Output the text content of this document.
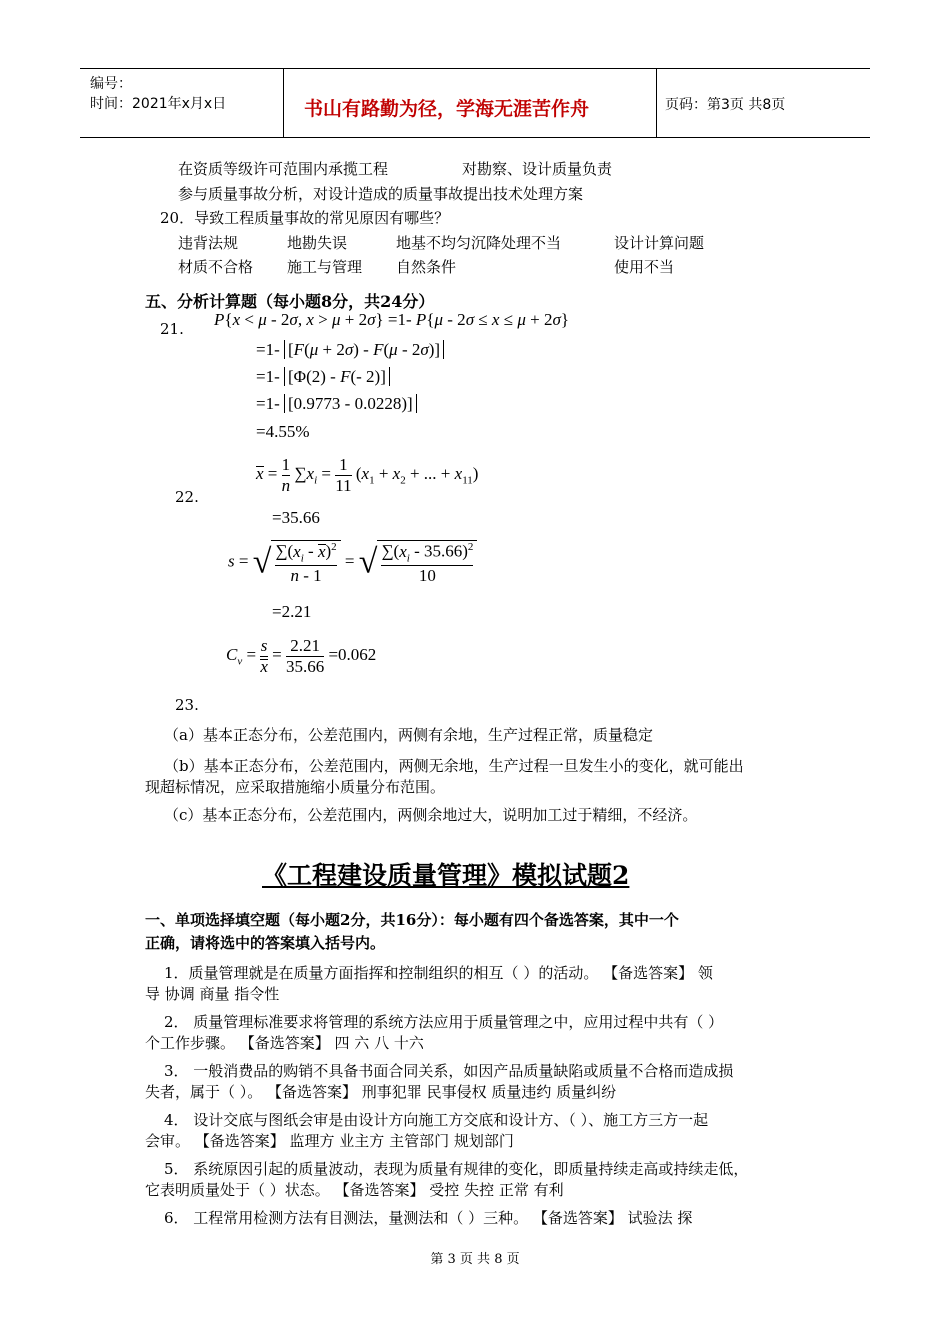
编号：
时间：2021年x月x日	书山有路勤为径，学海无涯苦作舟	页码：第3页 共8页
在资质等级许可范围内承揽工程	对勘察、设计质量负责
参与质量事故分析，对设计造成的质量事故提出技术处理方案
20．导致工程质量事故的常见原因有哪些？
违背法规	地勘失误	地基不均匀沉降处理不当	设计计算问题
材质不合格 施工与管理 自然条件	使用不当
五、分析计算题（每小题8分，共24分）
21. P{x < μ - 2σ, x > μ + 2σ} =1- P{μ - 2σ ≤ x ≤ μ + 2σ}
=1- [F(μ + 2σ) - F(μ - 2σ)]
=1- [Φ(2) - F(- 2)]
=1- [0.9773 - 0.0228)]
=4.55%
22.
$x = \frac{1}{n} \sum x_i = \frac{1}{11} (x_1 + x_2$ + ... + $x_{11}$)
=35.66
s = √ $\frac{\sum(x_i - x)^2}{n - 1}$ = √ $\frac{\sum(x_i - 35.66)^2}{10}$
=2.21
$C_v = \frac{s}{x} = \frac{2.21}{35.66} =0.062$
23.
（a）基本正态分布，公差范围内，两侧有余地，生产过程正常，质量稳定
（b）基本正态分布，公差范围内，两侧无余地，生产过程一旦发生小的变化，就可能出
现超标情况，应采取措施缩小质量分布范围。
（c）基本正态分布，公差范围内，两侧余地过大，说明加工过于精细，不经济。
《工程建设质量管理》模拟试题2
一、单项选择填空题（每小题2分，共16分）：每小题有四个备选答案，其中一个
正确，请将选中的答案填入括号内。
1．质量管理就是在质量方面指挥和控制组织的相互（ ）的活动。 【备选答案】 领
导 协调 商量 指令性
2． 质量管理标准要求将管理的系统方法应用于质量管理之中，应用过程中共有（ ）
个工作步骤。 【备选答案】 四 六 八 十六
3． 一般消费品的购销不具备书面合同关系，如因产品质量缺陷或质量不合格而造成损
失者，属于（ ）。 【备选答案】 刑事犯罪 民事侵权 质量违约 质量纠纷
4． 设计交底与图纸会审是由设计方向施工方交底和设计方、（ ）、施工方三方一起
会审。 【备选答案】 监理方 业主方 主管部门 规划部门
5． 系统原因引起的质量波动，表现为质量有规律的变化，即质量持续走高或持续走低，
它表明质量处于（ ）状态。 【备选答案】 受控 失控 正常 有利
6． 工程常用检测方法有目测法，量测法和（ ）三种。 【备选答案】 试验法 探
第 3 页 共 8 页
